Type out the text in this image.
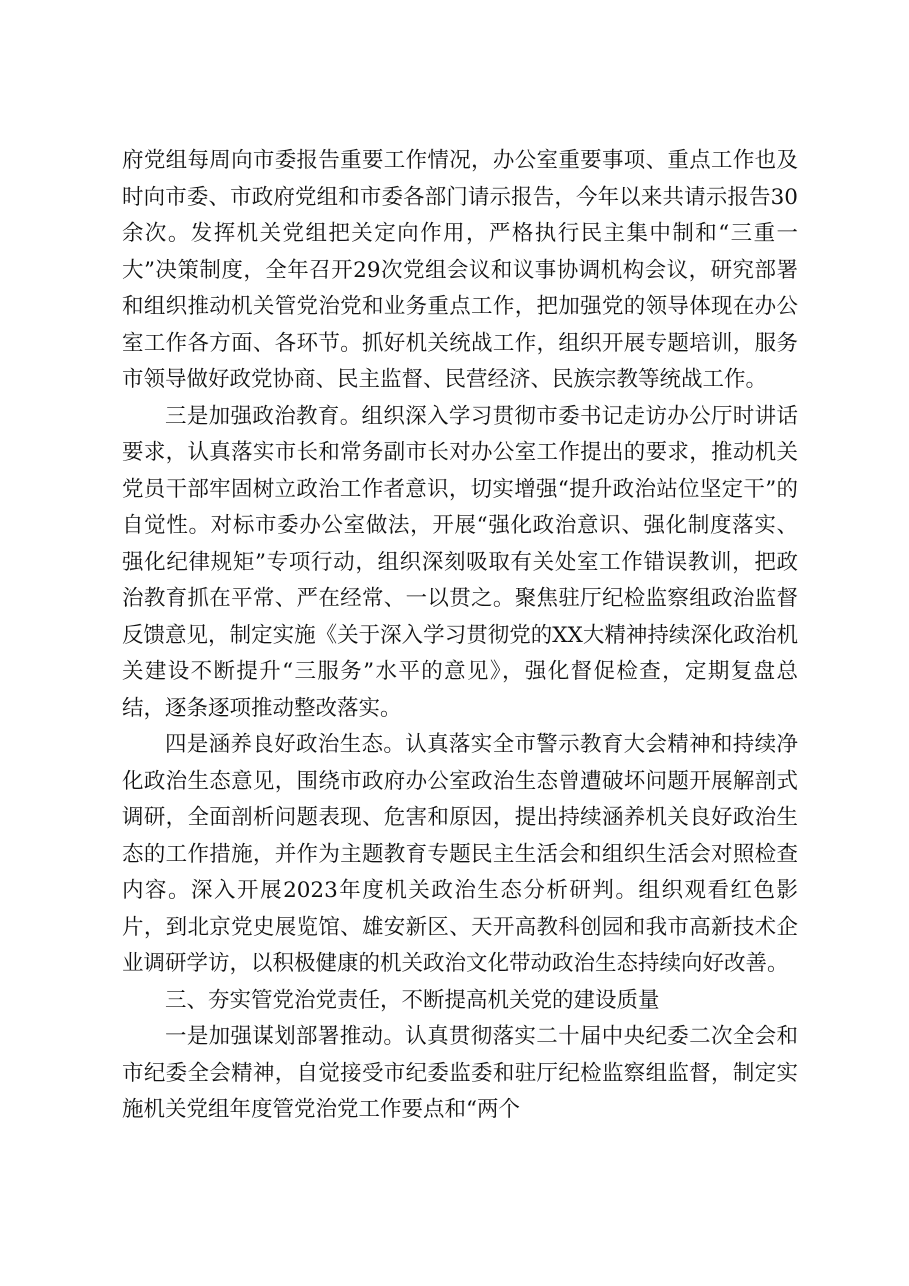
府党组每周向市委报告重要工作情况，办公室重要事项、重点工作也及时向市委、市政府党组和市委各部门请示报告，今年以来共请示报告30余次。发挥机关党组把关定向作用，严格执行民主集中制和“三重一大”决策制度，全年召开29次党组会议和议事协调机构会议，研究部署和组织推动机关管党治党和业务重点工作，把加强党的领导体现在办公室工作各方面、各环节。抓好机关统战工作，组织开展专题培训，服务市领导做好政党协商、民主监督、民营经济、民族宗教等统战工作。

三是加强政治教育。组织深入学习贯彻市委书记走访办公厅时讲话要求，认真落实市长和常务副市长对办公室工作提出的要求，推动机关党员干部牢固树立政治工作者意识，切实增强“提升政治站位坚定干”的自觉性。对标市委办公室做法，开展“强化政治意识、强化制度落实、强化纪律规矩”专项行动，组织深刻吸取有关处室工作错误教训，把政治教育抓在平常、严在经常、一以贯之。聚焦驻厅纪检监察组政治监督反馈意见，制定实施《关于深入学习贯彻党的XX大精神持续深化政治机关建设不断提升“三服务”水平的意见》，强化督促检查，定期复盘总结，逐条逐项推动整改落实。

四是涵养良好政治生态。认真落实全市警示教育大会精神和持续净化政治生态意见，围绕市政府办公室政治生态曾遭破坏问题开展解剖式调研，全面剖析问题表现、危害和原因，提出持续涵养机关良好政治生态的工作措施，并作为主题教育专题民主生活会和组织生活会对照检查内容。深入开展2023年度机关政治生态分析研判。组织观看红色影片，到北京党史展览馆、雄安新区、天开高教科创园和我市高新技术企业调研学访，以积极健康的机关政治文化带动政治生态持续向好改善。

三、夯实管党治党责任，不断提高机关党的建设质量

一是加强谋划部署推动。认真贯彻落实二十届中央纪委二次全会和市纪委全会精神，自觉接受市纪委监委和驻厅纪检监察组监督，制定实施机关党组年度管党治党工作要点和“两个
